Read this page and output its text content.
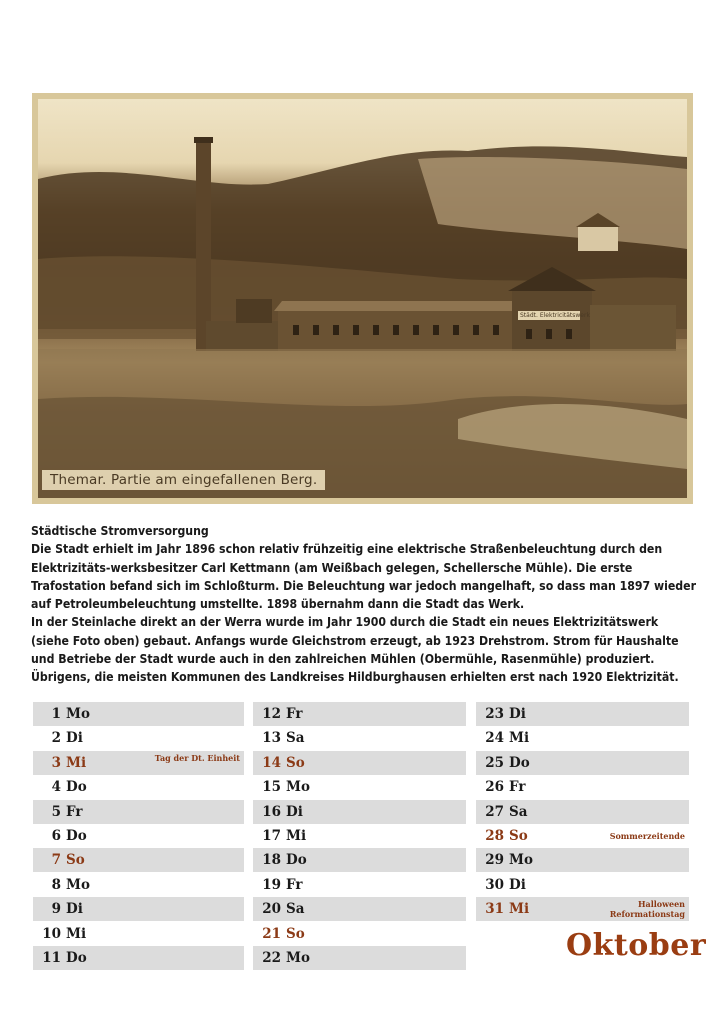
Städt. Elektricitätswerk
Themar. Partie am eingefallenen Berg.

Städtische Stromversorgung

Die Stadt erhielt im Jahr 1896 schon relativ frühzeitig eine elektrische Straßenbeleuchtung durch den Elektrizitäts-werksbesitzer Carl Kettmann (am Weißbach gelegen, Schellersche Mühle). Die erste Trafostation befand sich im Schloßturm. Die Beleuchtung war jedoch mangelhaft, so dass man 1897 wieder auf Petroleumbeleuchtung umstellte. 1898 übernahm dann die Stadt das Werk.

In der Steinlache direkt an der Werra wurde im Jahr 1900 durch die Stadt ein neues Elektrizitätswerk (siehe Foto oben) gebaut. Anfangs wurde Gleichstrom erzeugt, ab 1923 Drehstrom. Strom für Haushalte und Betriebe der Stadt wurde auch in den zahlreichen Mühlen (Obermühle, Rasenmühle) produziert.

Übrigens, die meisten Kommunen des Landkreises Hildburghausen erhielten erst nach 1920 Elektrizität.

1 Mo
2 Di
3 Mi	Tag der Dt. Einheit
4 Do
5 Fr
6 Do
7 So
8 Mo
9 Di
10 Mi
11 Do
12 Fr
13 Sa
14 So
15 Mo
16 Di
17 Mi
18 Do
19 Fr
20 Sa
21 So
22 Mo
23 Di
24 Mi
25 Do
26 Fr
27 Sa
28 So	Sommerzeitende
29 Mo
30 Di
31 Mi	Halloween
Reformationstag
Oktober
